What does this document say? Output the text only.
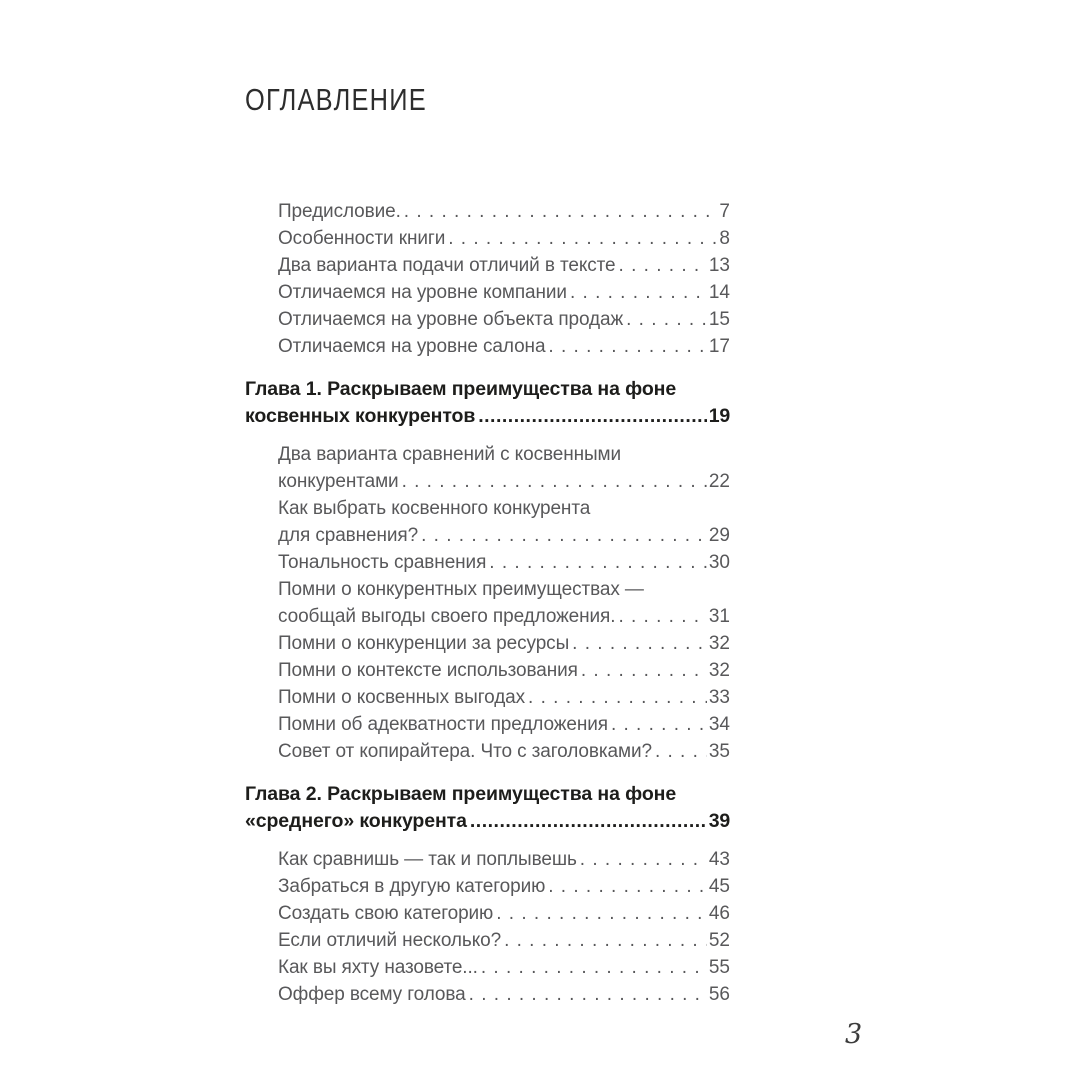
ОГЛАВЛЕНИЕ
Предисловие. . . .	7
Особенности книги . . .	8
Два варианта подачи отличий в тексте . . .	13
Отличаемся на уровне компании . . .	14
Отличаемся на уровне объекта продаж . . .	15
Отличаемся на уровне салона . . .	17
Глава 1. Раскрываем преимущества на фоне
косвенных конкурентов .....	19
Два варианта сравнений с косвенными
конкурентами . . .	22
Как выбрать косвенного конкурента
для сравнения? . . .	29
Тональность сравнения . . .	30
Помни о конкурентных преимуществах —
сообщай выгоды своего предложения. . . .	31
Помни о конкуренции за ресурсы . . .	32
Помни о контексте использования . . .	32
Помни о косвенных выгодах . . .	33
Помни об адекватности предложения . . .	34
Совет от копирайтера. Что с заголовками? . . .	35
Глава 2. Раскрываем преимущества на фоне
«среднего» конкурента .....	39
Как сравнишь — так и поплывешь . . .	43
Забраться в другую категорию . . .	45
Создать свою категорию . . .	46
Если отличий несколько? . . .	52
Как вы яхту назовете... . . .	55
Оффер всему голова . . .	56
3
